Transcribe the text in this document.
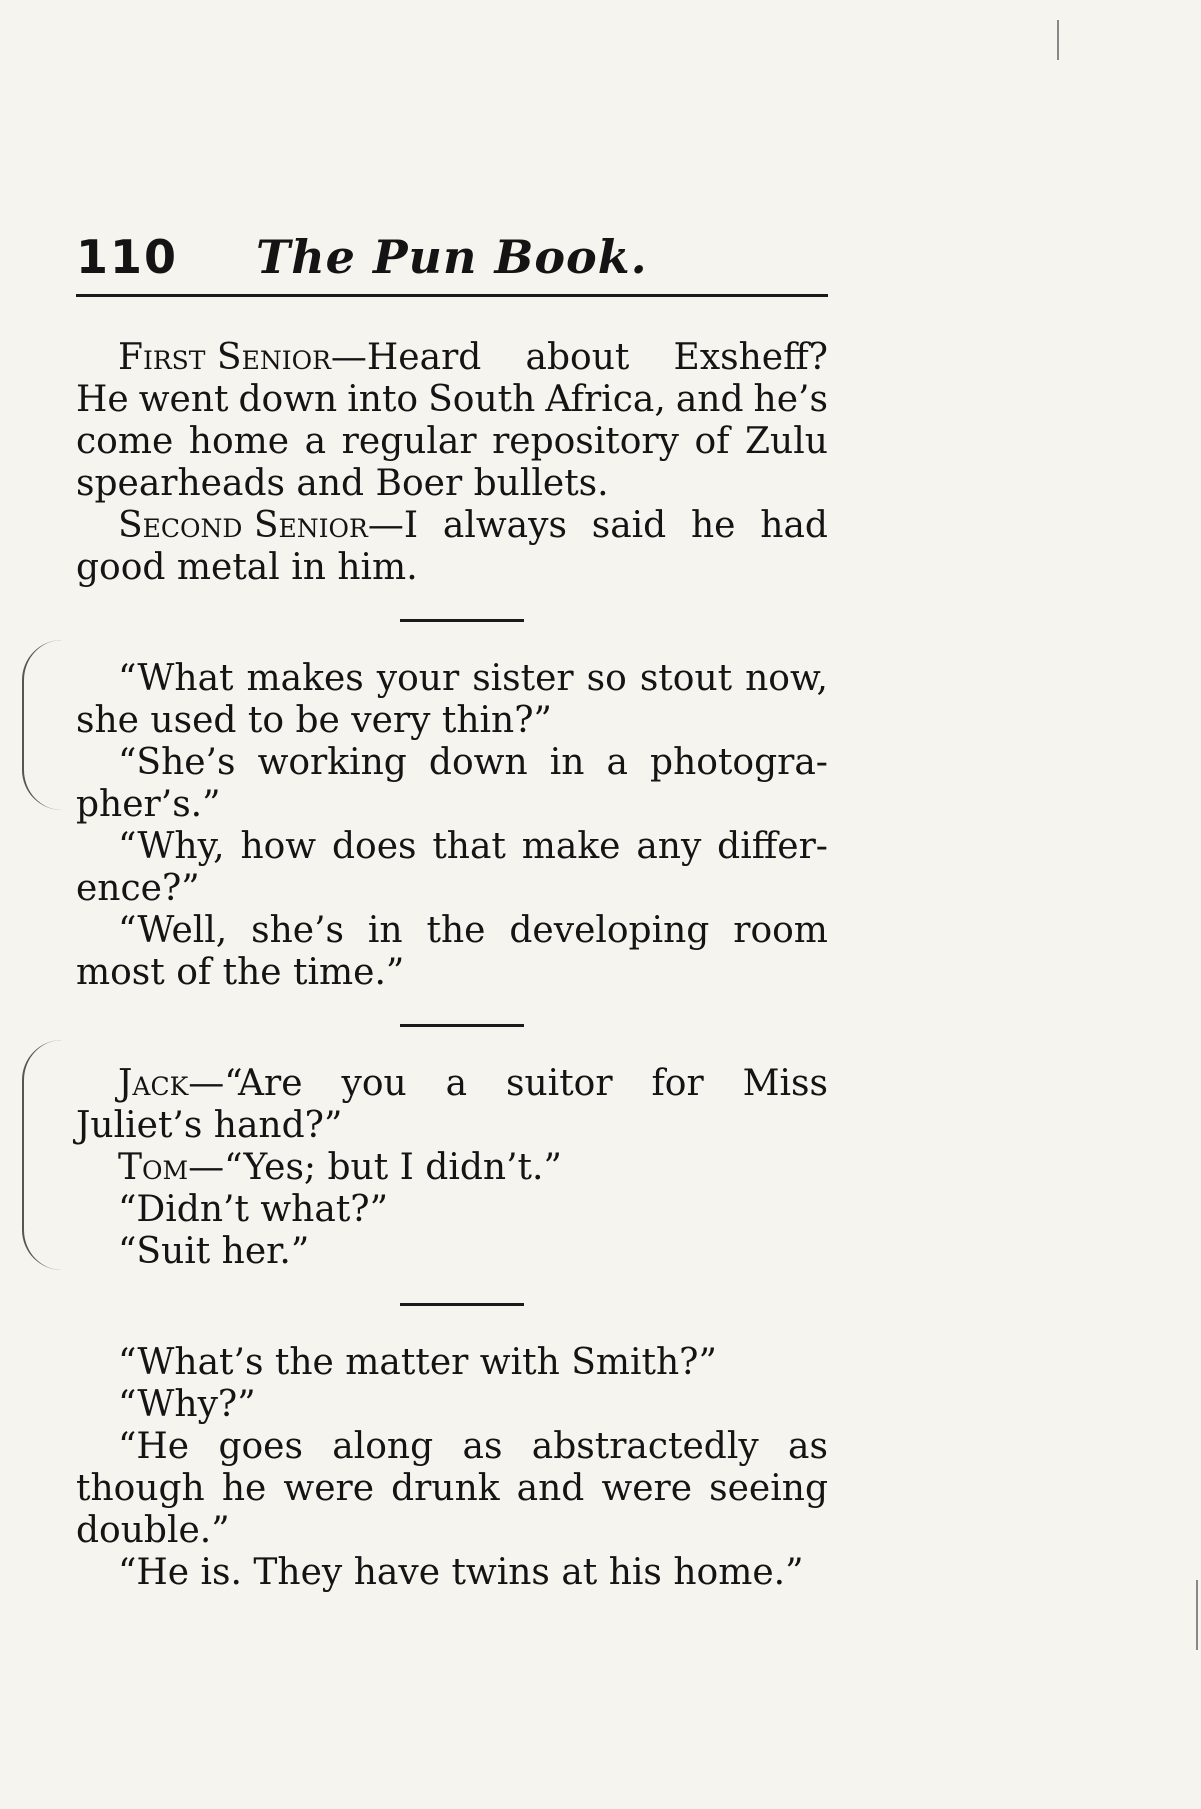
110	The Pun Book.
First Senior—Heard about Exsheff?
He went down into South Africa, and he’s
come home a regular repository of Zulu
spearheads and Boer bullets.
Second Senior—I always said he had
good metal in him.
“What makes your sister so stout now,
she used to be very thin?”
“She’s working down in a photogra-
pher’s.”
“Why, how does that make any differ-
ence?”
“Well, she’s in the developing room
most of the time.”
Jack—“Are you a suitor for Miss
Juliet’s hand?”
Tom—“Yes; but I didn’t.”
“Didn’t what?”
“Suit her.”
“What’s the matter with Smith?”
“Why?”
“He goes along as abstractedly as
though he were drunk and were seeing
double.”
“He is. They have twins at his home.”
